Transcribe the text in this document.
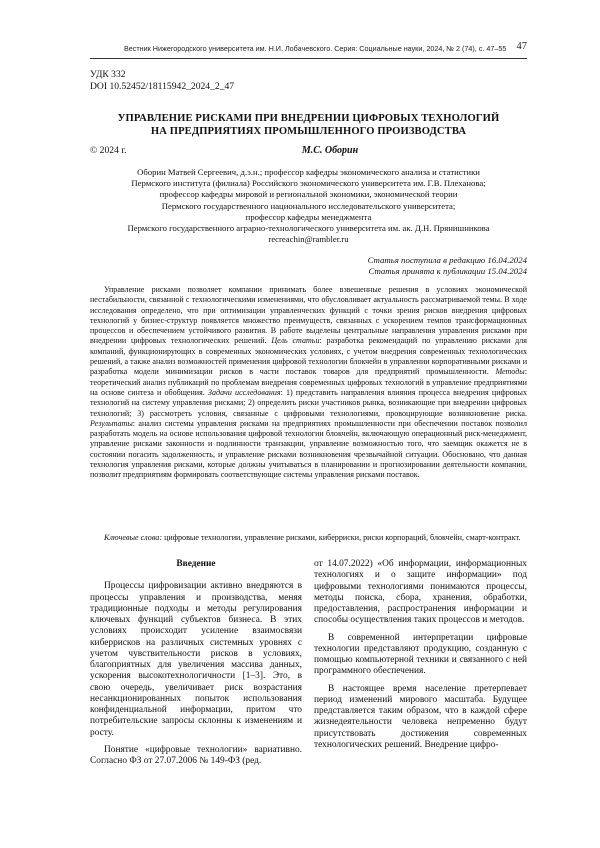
Вестник Нижегородского университета им. Н.И. Лобачевского. Серия: Социальные науки, 2024, № 2 (74), с. 47–55 47
УДК 332
DOI 10.52452/18115942_2024_2_47
УПРАВЛЕНИЕ РИСКАМИ ПРИ ВНЕДРЕНИИ ЦИФРОВЫХ ТЕХНОЛОГИЙ
НА ПРЕДПРИЯТИЯХ ПРОМЫШЛЕННОГО ПРОИЗВОДСТВА
© 2024 г.	М.С. Оборин
Оборин Матвей Сергеевич, д.э.н.; профессор кафедры экономического анализа и статистики
Пермского института (филиала) Российского экономического университета им. Г.В. Плеханова;
профессор кафедры мировой и региональной экономики, экономической теории
Пермского государственного национального исследовательского университета;
профессор кафедры менеджмента
Пермского государственного аграрно-технологического университета им. ак. Д.Н. Прянишникова
recreachin@rambler.ru
Статья поступила в редакцию 16.04.2024
Статья принята к публикации 15.04.2024
Управление рисками позволяет компании принимать более взвешенные решения в условиях экономической нестабильности, связанной с технологическими изменениями, что обусловливает актуальность рассматриваемой темы. В ходе исследования определено, что при оптимизации управленческих функций с точки зрения рисков внедрения цифровых технологий у бизнес-структур появляется множество преимуществ, связанных с ускорением темпов трансформационных процессов и обеспечением устойчивого развития. В работе выделены центральные направления управления рисками при внедрении цифровых технологических решений. Цель статьи: разработка рекомендаций по управлению рисками для компаний, функционирующих в современных экономических условиях, с учетом внедрения современных технологических решений, а также анализ возможностей применения цифровой технологии блокчейн в управлении корпоративными рисками и разработка модели минимизации рисков в части поставок товаров для предприятий промышленности. Методы: теоретический анализ публикаций по проблемам внедрения современных цифровых технологий в управление предприятиями на основе синтеза и обобщения. Задачи исследования: 1) представить направления влияния процесса внедрения цифровых технологий на систему управления рисками; 2) определить риски участников рынка, возникающие при внедрении цифровых технологий; 3) рассмотреть условия, связанные с цифровыми технологиями, провоцирующие возникновение риска. Результаты: анализ системы управления рисками на предприятиях промышленности при обеспечении поставок позволил разработать модель на основе использования цифровой технологии блокчейн, включающую операционный риск-менеджмент, управление рисками законности и подлинности транзакции, управление возможностью того, что заемщик окажется не в состоянии погасить задолженность, и управление рисками возникновения чрезвычайной ситуации. Обосновано, что данная технология управления рисками, которые должны учитываться в планировании и прогнозировании деятельности компании, позволит предприятиям формировать соответствующие системы управления рисками поставок.
Ключевые слова: цифровые технологии, управление рисками, киберриски, риски корпораций, блокчейн, смарт-контракт.
Введение

Процессы цифровизации активно внедряются в процессы управления и производства, меняя традиционные подходы и методы регулирования ключевых функций субъектов бизнеса. В этих условиях происходит усиление взаимосвязи киберрисков на различных системных уровнях с учетом чувствительности рисков в условиях, благоприятных для увеличения массива данных, ускорения высокотехнологичности [1–3]. Это, в свою очередь, увеличивает риск возрастания несанкционированных попыток использования конфиденциальной информации, притом что потребительские запросы склонны к изменениям и росту.

Понятие «цифровые технологии» вариативно. Согласно ФЗ от 27.07.2006 № 149-ФЗ (ред.

от 14.07.2022) «Об информации, информационных технологиях и о защите информации» под цифровыми технологиями понимаются процессы, методы поиска, сбора, хранения, обработки, предоставления, распространения информации и способы осуществления таких процессов и методов.

В современной интерпретации цифровые технологии представляют продукцию, созданную с помощью компьютерной техники и связанного с ней программного обеспечения.

В настоящее время население претерпевает период изменений мирового масштаба. Будущее представляется таким образом, что в каждой сфере жизнедеятельности человека непременно будут присутствовать достижения современных технологических решений. Внедрение цифро-
